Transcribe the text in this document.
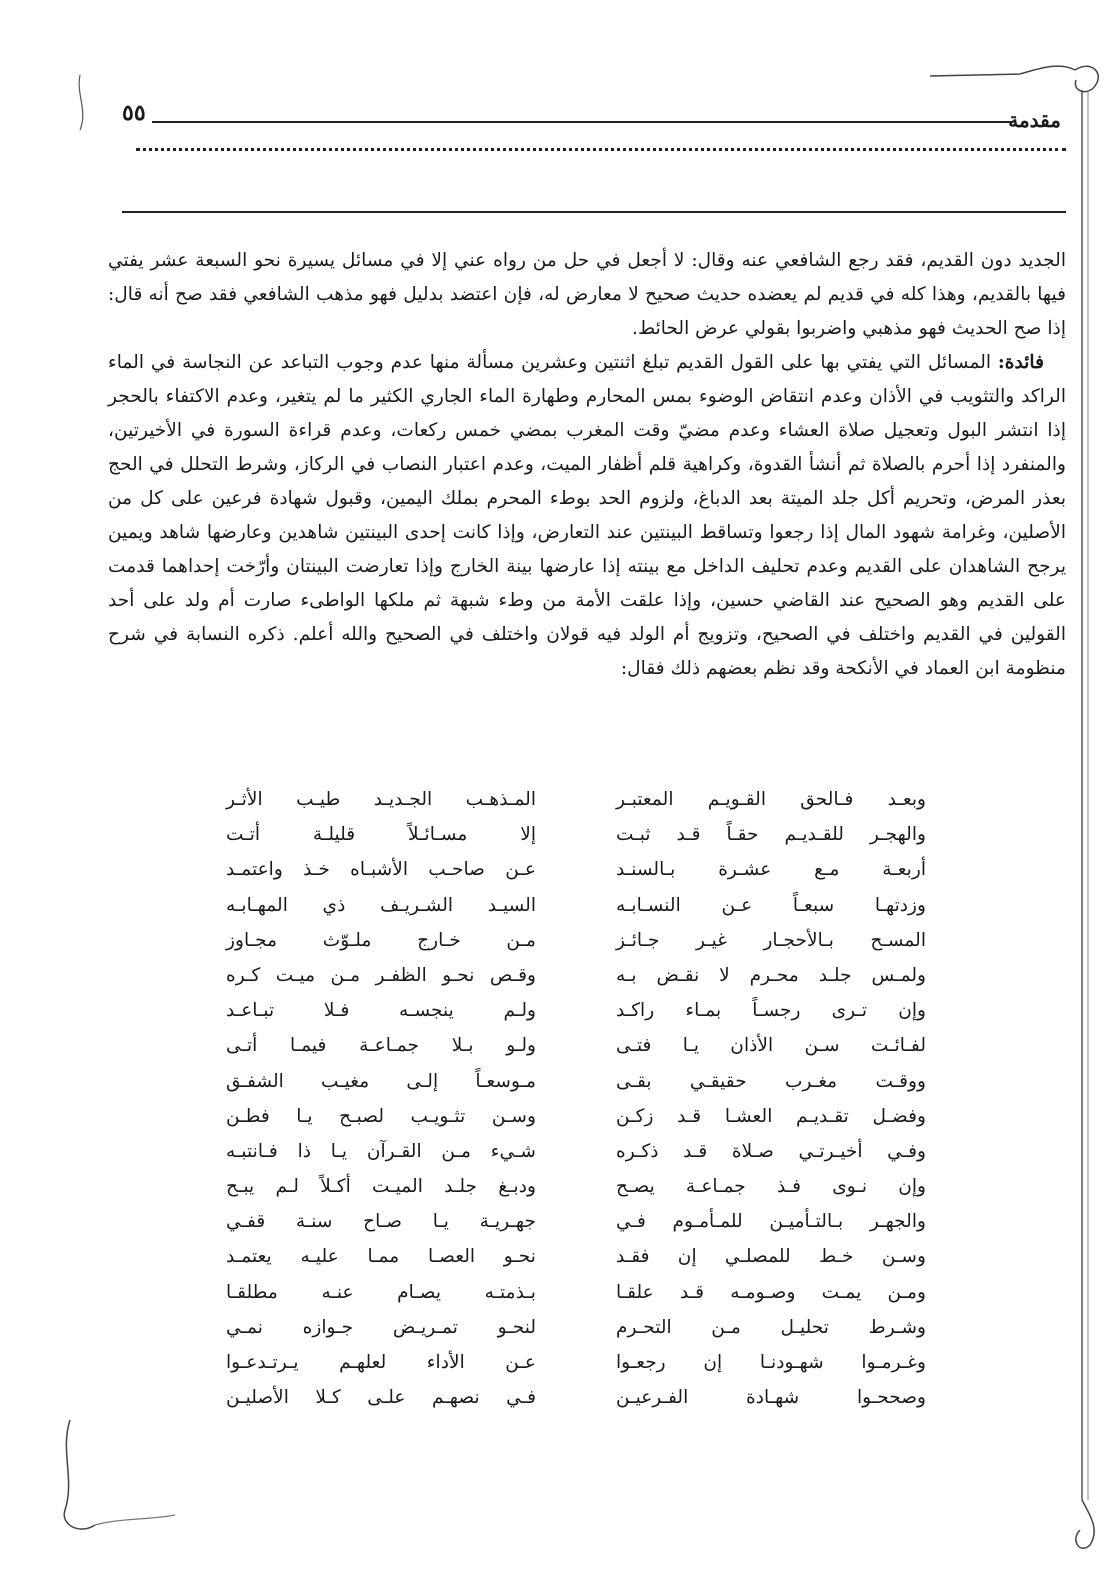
مقدمة
٥٥

الجديد دون القديم، فقد رجع الشافعي عنه وقال: لا أجعل في حل من رواه عني إلا في مسائل يسيرة نحو السبعة عشر يفتي فيها بالقديم، وهذا كله في قديم لم يعضده حديث صحيح لا معارض له، فإن اعتضد بدليل فهو مذهب الشافعي فقد صح أنه قال: إذا صح الحديث فهو مذهبي واضربوا بقولي عرض الحائط.

فائدة: المسائل التي يفتي بها على القول القديم تبلغ اثنتين وعشرين مسألة منها عدم وجوب التباعد عن النجاسة في الماء الراكد والتثويب في الأذان وعدم انتقاض الوضوء بمس المحارم وطهارة الماء الجاري الكثير ما لم يتغير، وعدم الاكتفاء بالحجر إذا انتشر البول وتعجيل صلاة العشاء وعدم مضيّ وقت المغرب بمضي خمس ركعات، وعدم قراءة السورة في الأخيرتين، والمنفرد إذا أحرم بالصلاة ثم أنشأ القدوة، وكراهية قلم أظفار الميت، وعدم اعتبار النصاب في الركاز، وشرط التحلل في الحج بعذر المرض، وتحريم أكل جلد الميتة بعد الدباغ، ولزوم الحد بوطء المحرم بملك اليمين، وقبول شهادة فرعين على كل من الأصلين، وغرامة شهود المال إذا رجعوا وتساقط البينتين عند التعارض، وإذا كانت إحدى البينتين شاهدين وعارضها شاهد ويمين يرجح الشاهدان على القديم وعدم تحليف الداخل مع بينته إذا عارضها بينة الخارج وإذا تعارضت البينتان وأرّخت إحداهما قدمت على القديم وهو الصحيح عند القاضي حسين، وإذا علقت الأمة من وطء شبهة ثم ملكها الواطىء صارت أم ولد على أحد القولين في القديم واختلف في الصحيح، وتزويج أم الولد فيه قولان واختلف في الصحيح والله أعلم. ذكره النسابة في شرح منظومة ابن العماد في الأنكحة وقد نظم بعضهم ذلك فقال:

وبعـد فـالحق القـويـم المعتبـر
المـذهـب الجـديـد طيـب الأثـر
والهجـر للقـديـم حقـاً قـد ثبـت
إلا مسـائـلاً قليلـة أتـت
أربعـة مـع عشـرة بـالسنـد
عـن صاحـب الأشبـاه خـذ واعتمـد
وزدتهـا سبعـاً عـن النسـابـه
السيـد الشـريـف ذي المهـابـه
المسـح بـالأحجـار غيـر جـائـز
مـن خـارج ملـوّث مجـاوز
ولمـس جلـد محـرم لا نقـض بـه
وقـص نحـو الظفـر مـن ميـت كـره
وإن تـرى رجسـاً بمـاء راكـد
ولـم ينجسـه فـلا تبـاعـد
لفـائـت سـن الأذان يـا فتـى
ولـو بـلا جمـاعـة فيمـا أتـى
ووقـت مغـرب حقيقـي بقـى
مـوسعـاً إلـى مغيـب الشفـق
وفضـل تقـديـم العشـا قـد زكـن
وسـن تثـويـب لصبـح يـا فطـن
وفـي أخيـرتـي صـلاة قـد ذكـره
شـيء مـن القـرآن يـا ذا فـانتبـه
وإن نـوى فـذ جمـاعـة يصـح
ودبـغ جلـد الميـت أكـلاً لـم يبـح
والجهـر بـالتـأميـن للمـأمـوم فـي
جهـريـة يـا صـاح سنـة قفـي
وسـن خـط للمصلـي إن فقـد
نحـو العصـا ممـا عليـه يعتمـد
ومـن يمـت وصـومـه قـد علقـا
بـذمتـه يصـام عنـه مطلقـا
وشـرط تحليـل مـن التحـرم
لنحـو تمـريـض جـوازه نمـي
وغـرمـوا شهـودنـا إن رجعـوا
عـن الأداء لعلهـم يـرتـدعـوا
وصححـوا شهـادة الفـرعيـن
فـي نصهـم علـى كـلا الأصليـن
